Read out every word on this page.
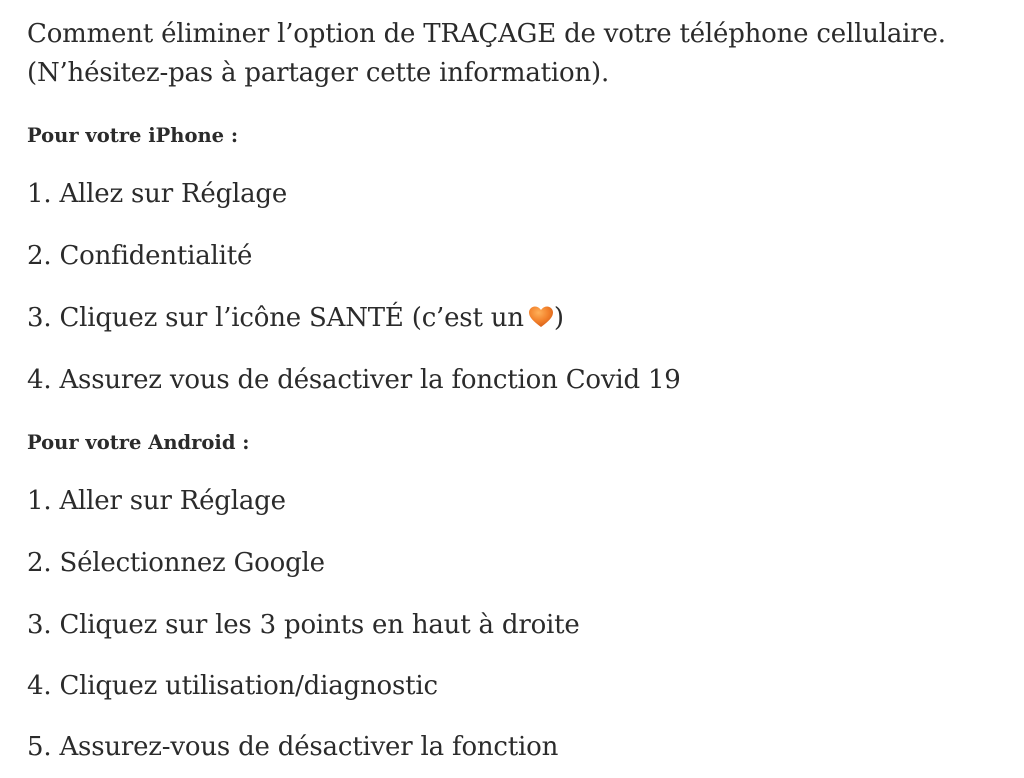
Comment éliminer l’option de TRAÇAGE de votre téléphone cellulaire.
(N’hésitez-pas à partager cette information).
Pour votre iPhone :
1. Allez sur Réglage
2. Confidentialité
3. Cliquez sur l’icône SANTÉ (c’est un )
4. Assurez vous de désactiver la fonction Covid 19
Pour votre Android :
1. Aller sur Réglage
2. Sélectionnez Google
3. Cliquez sur les 3 points en haut à droite
4. Cliquez utilisation/diagnostic
5. Assurez-vous de désactiver la fonction
